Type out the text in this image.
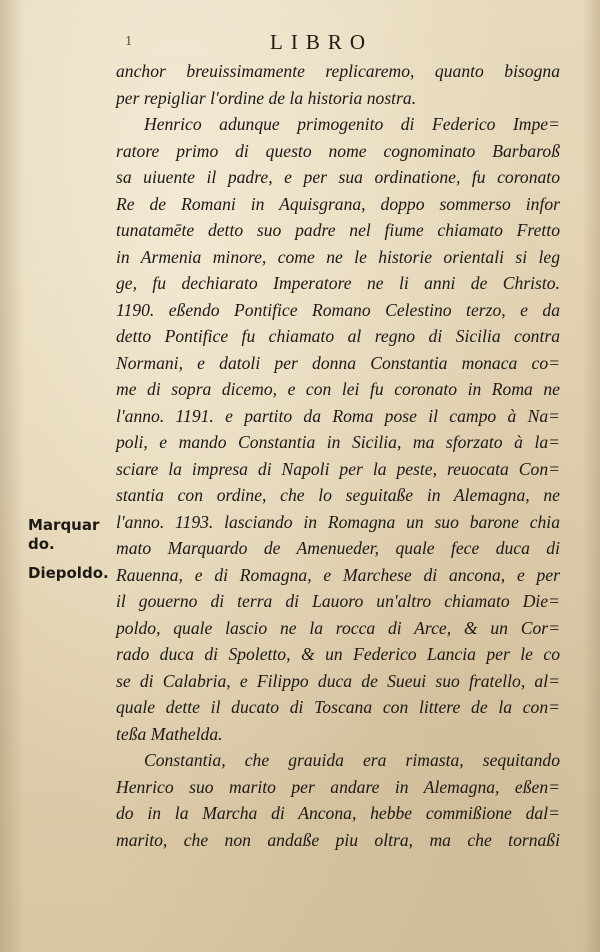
1	LIBRO
Marquar
do.
Diepoldo.
anchor breuissimamente replicaremo, quanto bisogna
per repigliar l'ordine de la historia nostra.
Henrico adunque primogenito di Federico Impe=
ratore primo di questo nome cognominato Barbaroß
sa uiuente il padre, e per sua ordinatione, fu coronato
Re de Romani in Aquisgrana, doppo sommerso infor
tunatamēte detto suo padre nel fiume chiamato Fretto
in Armenia minore, come ne le historie orientali si leg
ge, fu dechiarato Imperatore ne li anni de Christo.
1190. eßendo Pontifice Romano Celestino terzo, e da
detto Pontifice fu chiamato al regno di Sicilia contra
Normani, e datoli per donna Constantia monaca co=
me di sopra dicemo, e con lei fu coronato in Roma ne
l'anno. 1191. e partito da Roma pose il campo à Na=
poli, e mando Constantia in Sicilia, ma sforzato à la=
sciare la impresa di Napoli per la peste, reuocata Con=
stantia con ordine, che lo seguitaße in Alemagna, ne
l'anno. 1193. lasciando in Romagna un suo barone chia
mato Marquardo de Amenueder, quale fece duca di
Rauenna, e di Romagna, e Marchese di ancona, e per
il gouerno di terra di Lauoro un'altro chiamato Die=
poldo, quale lascio ne la rocca di Arce, & un Cor=
rado duca di Spoletto, & un Federico Lancia per le co
se di Calabria, e Filippo duca de Sueui suo fratello, al=
quale dette il ducato di Toscana con littere de la con=
teßa Mathelda.
Constantia, che grauida era rimasta, sequitando
Henrico suo marito per andare in Alemagna, eßen=
do in la Marcha di Ancona, hebbe commißione dal=
marito, che non andaße piu oltra, ma che tornaßi
